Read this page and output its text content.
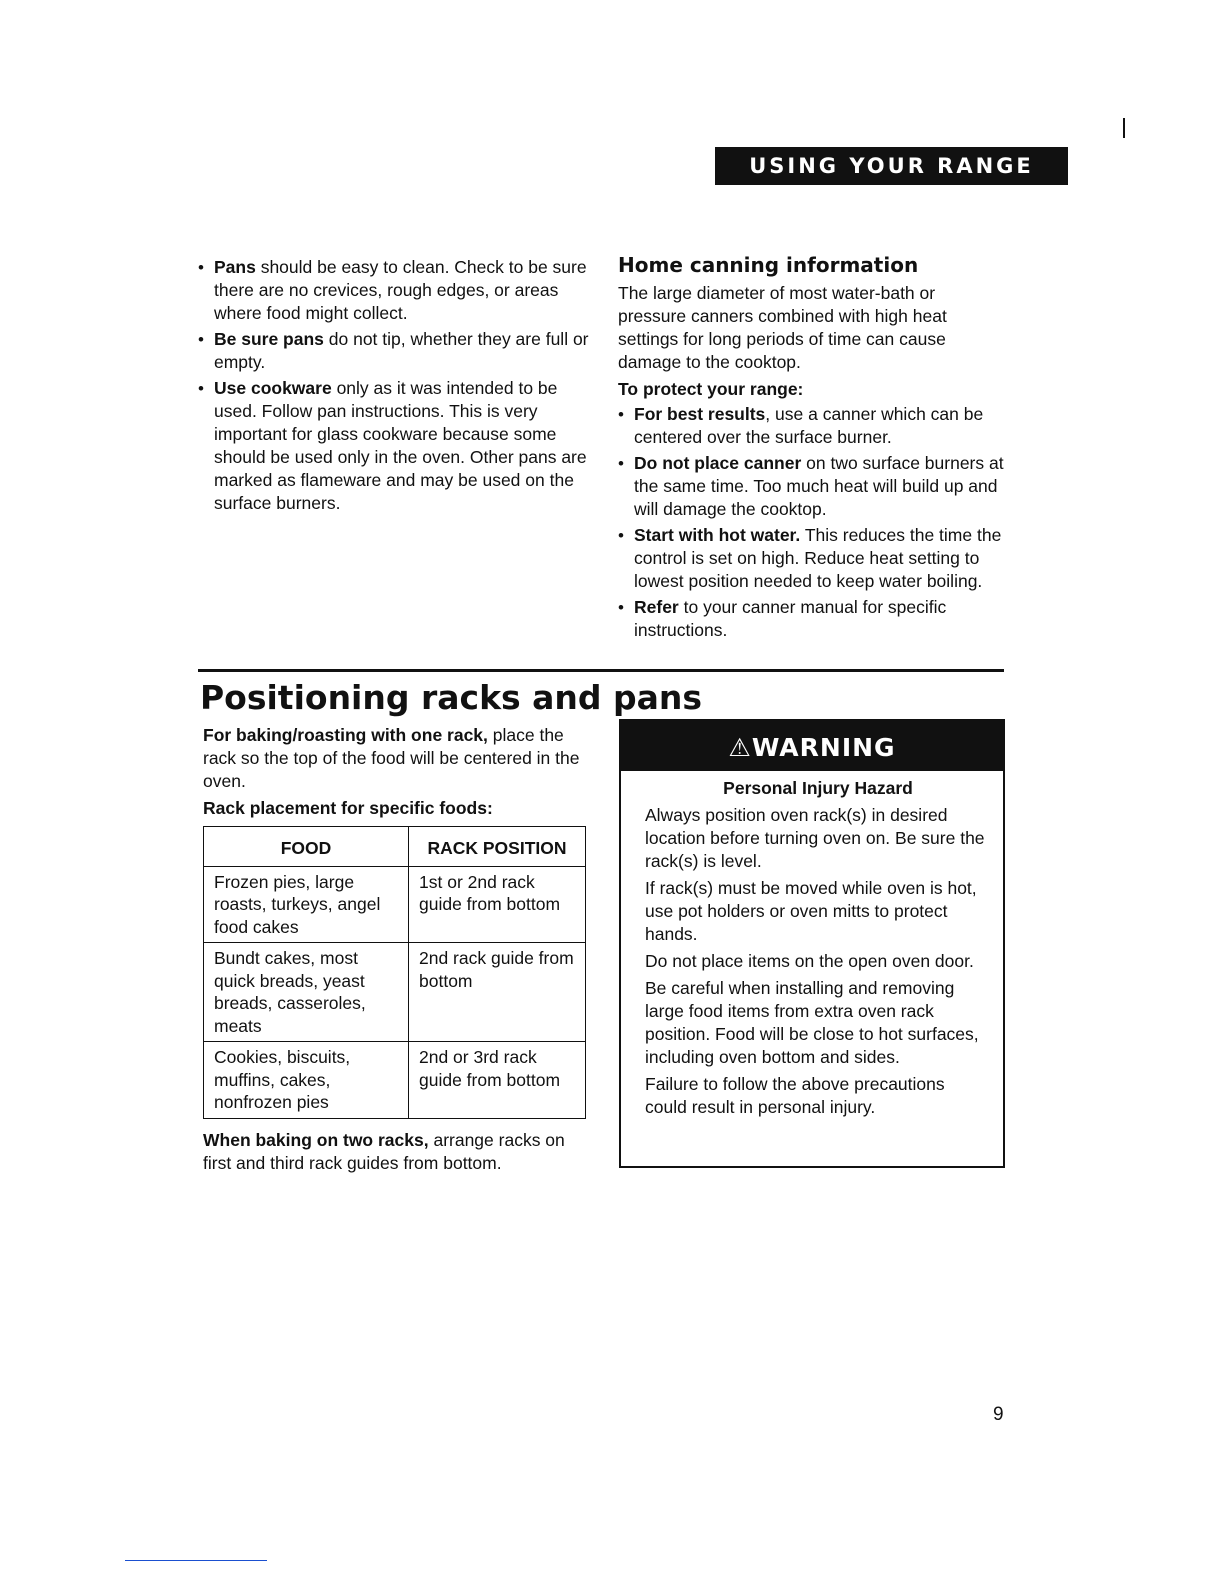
USING YOUR RANGE
• Pans should be easy to clean. Check to be sure there are no crevices, rough edges, or areas where food might collect.
• Be sure pans do not tip, whether they are full or empty.
• Use cookware only as it was intended to be used. Follow pan instructions. This is very important for glass cookware because some should be used only in the oven. Other pans are marked as flameware and may be used on the surface burners.
Home canning information

The large diameter of most water-bath or pressure canners combined with high heat settings for long periods of time can cause damage to the cooktop.

To protect your range:

• For best results, use a canner which can be centered over the surface burner.
• Do not place canner on two surface burners at the same time. Too much heat will build up and will damage the cooktop.
• Start with hot water. This reduces the time the control is set on high. Reduce heat setting to lowest position needed to keep water boiling.
• Refer to your canner manual for specific instructions.
Positioning racks and pans

For baking/roasting with one rack, place the rack so the top of the food will be centered in the oven.

Rack placement for specific foods:

FOOD	RACK POSITION
Frozen pies, large roasts, turkeys, angel food cakes	1st or 2nd rack guide from bottom
Bundt cakes, most quick breads, yeast breads, casseroles, meats	2nd rack guide from bottom
Cookies, biscuits, muffins, cakes, nonfrozen pies	2nd or 3rd rack guide from bottom

When baking on two racks, arrange racks on first and third rack guides from bottom.

⚠WARNING

Personal Injury Hazard

Always position oven rack(s) in desired location before turning oven on. Be sure the rack(s) is level.

If rack(s) must be moved while oven is hot, use pot holders or oven mitts to protect hands.

Do not place items on the open oven door.

Be careful when installing and removing large food items from extra oven rack position. Food will be close to hot surfaces, including oven bottom and sides.

Failure to follow the above precautions could result in personal injury.

9
